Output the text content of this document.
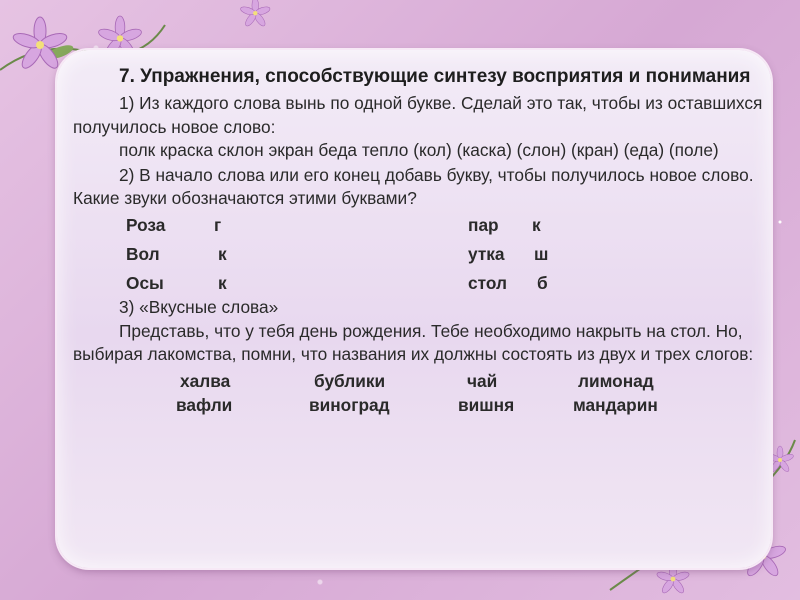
7. Упражнения, способствующие синтезу восприятия и понимания

1) Из каждого слова вынь по одной букве. Сделай это так, чтобы из оставшихся получилось новое слово:

полк краска склон экран беда тепло (кол) (каска) (слон) (кран) (еда) (поле)

2) В начало слова или его конец добавь букву, чтобы получилось новое слово. Какие звуки обозначаются этими буквами?

Роза	г	пар к
Вол	к	утка ш
Осы	к	стол б

3) «Вкусные слова»

Представь, что у тебя день рождения. Тебе необходимо накрыть на стол. Но, выбирая лакомства, помни, что названия их должны состоять из двух и трех слогов:

халва	бублики	чай	лимонад
вафли	виноград	вишня	мандарин
